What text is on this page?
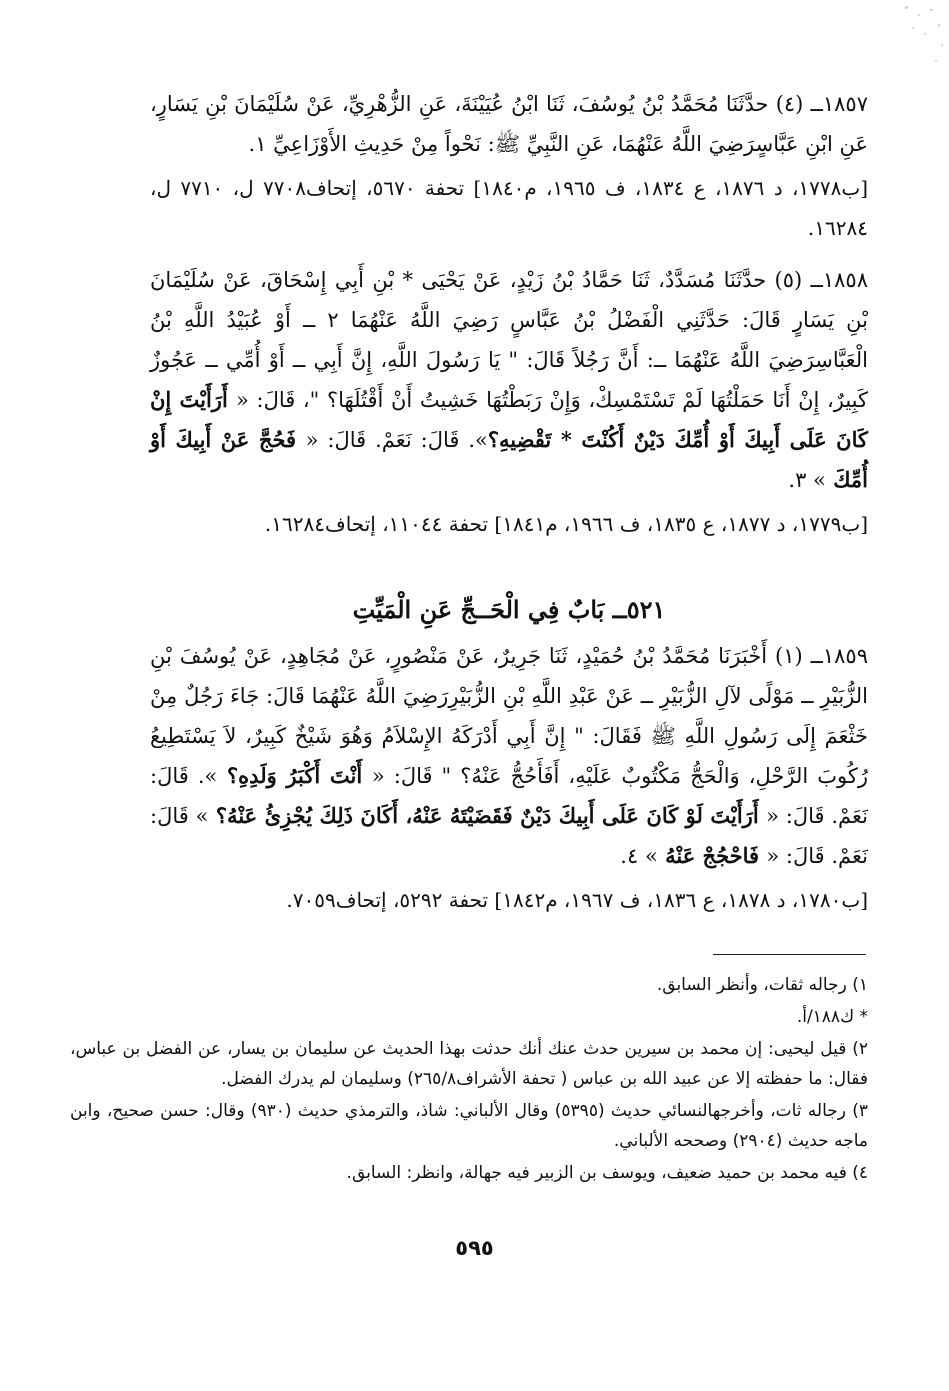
١٨٥٧ــ (٤) حدَّثَنَا مُحَمَّدُ بْنُ يُوسُفَ، ثَنَا ابْنُ عُيَيْنَةَ، عَنِ الزُّهْرِيِّ، عَنْ سُلَيْمَانَ بْنِ يَسَارٍ، عَنِ ابْنِ عَبَّاسٍرَضِيَ اللَّهُ عَنْهُمَا، عَنِ النَّبِيِّ ﷺ: نَحْواً مِنْ حَدِيثِ الأَوْزَاعِيِّ ١.

[ب١٧٧٨، د ١٨٧٦، ع ١٨٣٤، ف ١٩٦٥، م١٨٤٠] تحفة ٥٦٧٠، إتحاف٧٧٠٨ ل، ٧٧١٠ ل، ١٦٢٨٤.

١٨٥٨ــ (٥) حدَّثَنَا مُسَدَّدٌ، ثَنَا حَمَّادُ بْنُ زَيْدٍ، عَنْ يَحْيَى * بْنِ أَبِي إِسْحَاقَ، عَنْ سُلَيْمَانَ بْنِ يَسَارٍ قَالَ: حَدَّثَنِي الْفَضْلُ بْنُ عَبَّاسٍ رَضِيَ اللَّهُ عَنْهُمَا ٢ ــ أَوْ عُبَيْدُ اللَّهِ بْنُ الْعَبَّاسِرَضِيَ اللَّهُ عَنْهُمَا ــ: أَنَّ رَجُلاً قَالَ: " يَا رَسُولَ اللَّهِ، إِنَّ أَبِي ــ أَوْ أُمِّي ــ عَجُوزٌ كَبِيرٌ، إِنْ أَنَا حَمَلْتُهَا لَمْ تَسْتَمْسِكْ، وَإِنْ رَبَطْتُهَا خَشِيتُ أَنْ أَقْتُلَهَا؟ "، قَالَ: « أَرَأَيْتَ إِنْ كَانَ عَلَى أَبِيكَ أَوْ أُمِّكَ دَيْنٌ أَكُنْتَ * تَقْضِيهِ؟». قَالَ: نَعَمْ. قَالَ: « فَحُجَّ عَنْ أَبِيكَ أَوْ أُمِّكَ » ٣.

[ب١٧٧٩، د ١٨٧٧، ع ١٨٣٥، ف ١٩٦٦، م١٨٤١] تحفة ١١٠٤٤، إتحاف١٦٢٨٤.

٥٢١ــ بَابٌ فِي الْحَــجِّ عَنِ الْمَيِّتِ

١٨٥٩ــ (١) أَخْبَرَنَا مُحَمَّدُ بْنُ حُمَيْدٍ، ثَنَا جَرِيرٌ، عَنْ مَنْصُورٍ، عَنْ مُجَاهِدٍ، عَنْ يُوسُفَ بْنِ الزُّبَيْرِ ــ مَوْلًى لآلِ الزُّبَيْرِ ــ عَنْ عَبْدِ اللَّهِ بْنِ الزُّبَيْرِرَضِيَ اللَّهُ عَنْهُمَا قَالَ: جَاءَ رَجُلٌ مِنْ خَثْعَمَ إِلَى رَسُولِ اللَّهِ ﷺ فَقَالَ: " إِنَّ أَبِي أَدْرَكَهُ الإِسْلاَمُ وَهُوَ شَيْخٌ كَبِيرٌ، لاَ يَسْتَطِيعُ رُكُوبَ الرَّحْلِ، وَالْحَجُّ مَكْتُوبٌ عَلَيْهِ، أَفَأَحُجُّ عَنْهُ؟ " قَالَ: « أَنْتَ أَكْبَرُ وَلَدِهِ؟ ». قَالَ: نَعَمْ. قَالَ: « أَرَأَيْتَ لَوْ كَانَ عَلَى أَبِيكَ دَيْنٌ فَقَضَيْتَهُ عَنْهُ، أَكَانَ ذَلِكَ يُجْزِئُ عَنْهُ؟ » قَالَ: نَعَمْ. قَالَ: « فَاحْجُجْ عَنْهُ » ٤.

[ب١٧٨٠، د ١٨٧٨، ع ١٨٣٦، ف ١٩٦٧، م١٨٤٢] تحفة ٥٢٩٢، إتحاف٧٠٥٩.

١) رجاله ثقات، وأنظر السابق.

* ك١٨٨/أ.

٢) قيل ليحيى: إن محمد بن سيرين حدث عنك أنك حدثت بهذا الحديث عن سليمان بن يسار، عن الفضل بن عباس، فقال: ما حفظته إلا عن عبيد الله بن عباس ( تحفة الأشراف٢٦٥/٨) وسليمان لم يدرك الفضل.

٣) رجاله ثات، وأخرجهالنسائي حديث (٥٣٩٥) وقال الألباني: شاذ، والترمذي حديث (٩٣٠) وقال: حسن صحيح، وابن ماجه حديث (٢٩٠٤) وصححه الألباني.

٤) فيه محمد بن حميد ضعيف، ويوسف بن الزبير فيه جهالة، وانظر: السابق.

٥٩٥
